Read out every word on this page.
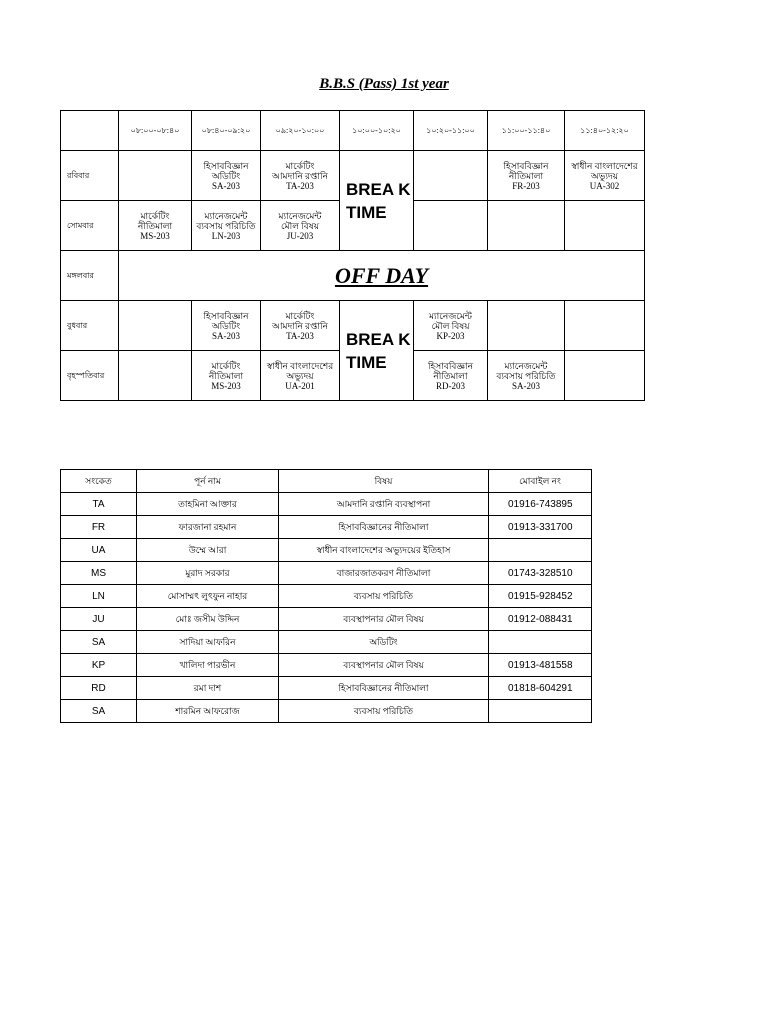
B.B.S (Pass) 1st year
	০৮:০০-০৮:৪০	০৮:৪০-০৯:২০	০৯:২০-১০:০০	১০:০০-১০:২০	১০:২০-১১:০০	১১:০০-১১:৪০	১১:৪০-১২:২০
রবিবার		হিসাববিজ্ঞান
অডিটিং
SA-203	মার্কেটিং
আমদানি রপ্তানি
TA-203	BREA K TIME		হিসাববিজ্ঞান
নীতিমালা
FR-203	স্বাধীন বাংলাদেশের
অভ্যুদয়
UA-302

সোমবার	মার্কেটিং
নীতিমালা
MS-203	ম্যানেজমেন্ট
ব্যবসায় পরিচিতি
LN-203	ম্যানেজমেন্ট
মৌল বিষয়
JU-203				

মঙ্গলবার	OFF DAY						
বুধবার		হিসাববিজ্ঞান
অডিটিং
SA-203	মার্কেটিং
আমদানি রপ্তানি
TA-203	BREA K TIME	ম্যানেজমেন্ট
মৌল বিষয়
KP-203		

বৃহস্পতিবার		মার্কেটিং
নীতিমালা
MS-203	স্বাধীন বাংলাদেশের
অভ্যুদয়
UA-201		হিসাববিজ্ঞান
নীতিমালা
RD-203	ম্যানেজমেন্ট
ব্যবসায় পরিচিতি
SA-203	

সংকেত	পূর্ন নাম	বিষয়	মোবাইল নং
TA	তাহমিনা আক্তার	আমদানি রপ্তানি ব্যবস্থাপনা	01916-743895
FR	ফারজানা রহমান	হিসাববিজ্ঞানের নীতিমালা	01913-331700
UA	উম্মে আরা	স্বাধীন বাংলাদেশের অভ্যুদয়ের ইতিহাস	
MS	মুরাদ সরকার	বাজারজাতকরণ নীতিমালা	01743-328510
LN	মোসাম্মৎ লুৎফুন নাহার	ব্যবসায় পরিচিতি	01915-928452
JU	মোঃ জসীম উদ্দিন	ব্যবস্থাপনার মৌল বিষয়	01912-088431
SA	সাদিয়া আফরিন	অডিটিং	
KP	খালিদা পারভীন	ব্যবস্থাপনার মৌল বিষয়	01913-481558
RD	রমা দাশ	হিসাববিজ্ঞানের নীতিমালা	01818-604291
SA	শারমিন আফরোজ	ব্যবসায় পরিচিতি	
